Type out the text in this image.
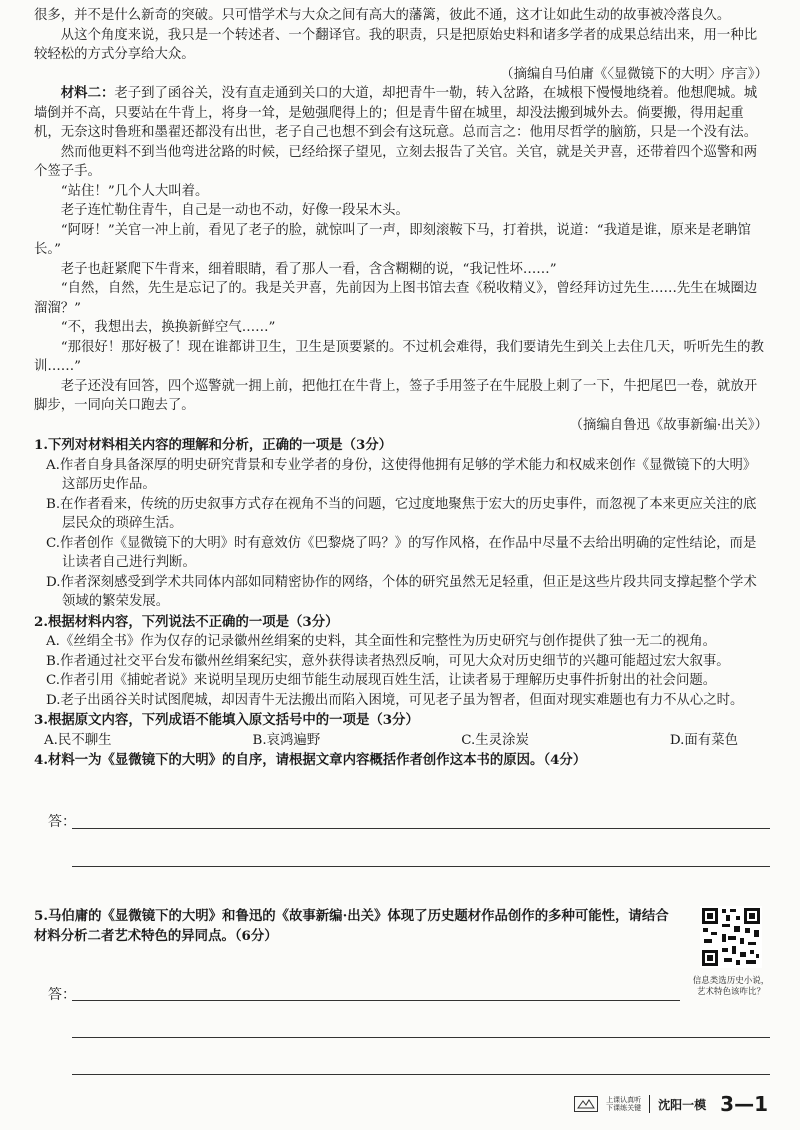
很多，并不是什么新奇的突破。只可惜学术与大众之间有高大的藩篱，彼此不通，这才让如此生动的故事被冷落良久。

从这个角度来说，我只是一个转述者、一个翻译官。我的职责，只是把原始史料和诸多学者的成果总结出来，用一种比较轻松的方式分享给大众。

（摘编自马伯庸《〈显微镜下的大明〉序言》）

材料二：老子到了函谷关，没有直走通到关口的大道，却把青牛一勒，转入岔路，在城根下慢慢地绕着。他想爬城。城墙倒并不高，只要站在牛背上，将身一耸，是勉强爬得上的；但是青牛留在城里，却没法搬到城外去。倘要搬，得用起重机，无奈这时鲁班和墨翟还都没有出世，老子自己也想不到会有这玩意。总而言之：他用尽哲学的脑筋，只是一个没有法。

然而他更料不到当他弯进岔路的时候，已经给探子望见，立刻去报告了关官。关官，就是关尹喜，还带着四个巡警和两个签子手。

“站住！”几个人大叫着。

老子连忙勒住青牛，自己是一动也不动，好像一段呆木头。

“阿呀！”关官一冲上前，看见了老子的脸，就惊叫了一声，即刻滚鞍下马，打着拱，说道：“我道是谁，原来是老聃馆长。”

老子也赶紧爬下牛背来，细着眼睛，看了那人一看，含含糊糊的说，“我记性坏……”

“自然，自然，先生是忘记了的。我是关尹喜，先前因为上图书馆去查《税收精义》，曾经拜访过先生……先生在城圈边溜溜？”

“不，我想出去，换换新鲜空气……”

“那很好！那好极了！现在谁都讲卫生，卫生是顶要紧的。不过机会难得，我们要请先生到关上去住几天，听听先生的教训……”

老子还没有回答，四个巡警就一拥上前，把他扛在牛背上，签子手用签子在牛屁股上刺了一下，牛把尾巴一卷，就放开脚步，一同向关口跑去了。

（摘编自鲁迅《故事新编·出关》）

1.下列对材料相关内容的理解和分析，正确的一项是（3分）

A.作者自身具备深厚的明史研究背景和专业学者的身份，这使得他拥有足够的学术能力和权威来创作《显微镜下的大明》这部历史作品。

B.在作者看来，传统的历史叙事方式存在视角不当的问题，它过度地聚焦于宏大的历史事件，而忽视了本来更应关注的底层民众的琐碎生活。

C.作者创作《显微镜下的大明》时有意效仿《巴黎烧了吗？》的写作风格，在作品中尽量不去给出明确的定性结论，而是让读者自己进行判断。

D.作者深刻感受到学术共同体内部如同精密协作的网络，个体的研究虽然无足轻重，但正是这些片段共同支撑起整个学术领域的繁荣发展。

2.根据材料内容，下列说法不正确的一项是（3分）

A.《丝绢全书》作为仅存的记录徽州丝绢案的史料，其全面性和完整性为历史研究与创作提供了独一无二的视角。

B.作者通过社交平台发布徽州丝绢案纪实，意外获得读者热烈反响，可见大众对历史细节的兴趣可能超过宏大叙事。

C.作者引用《捕蛇者说》来说明呈现历史细节能生动展现百姓生活，让读者易于理解历史事件折射出的社会问题。

D.老子出函谷关时试图爬城，却因青牛无法搬出而陷入困境，可见老子虽为智者，但面对现实难题也有力不从心之时。

3.根据原文内容，下列成语不能填入原文括号中的一项是（3分）

A.民不聊生	B.哀鸿遍野	C.生灵涂炭	D.面有菜色

4.材料一为《显微镜下的大明》的自序，请根据文章内容概括作者创作这本书的原因。（4分）

答：

5.马伯庸的《显微镜下的大明》和鲁迅的《故事新编·出关》体现了历史题材作品创作的多种可能性，请结合材料分析二者艺术特色的异同点。（6分）

信息类选历史小说，艺术特色该咋比？
答：
上课认真听
下课练关键 沈阳一模 3—1
